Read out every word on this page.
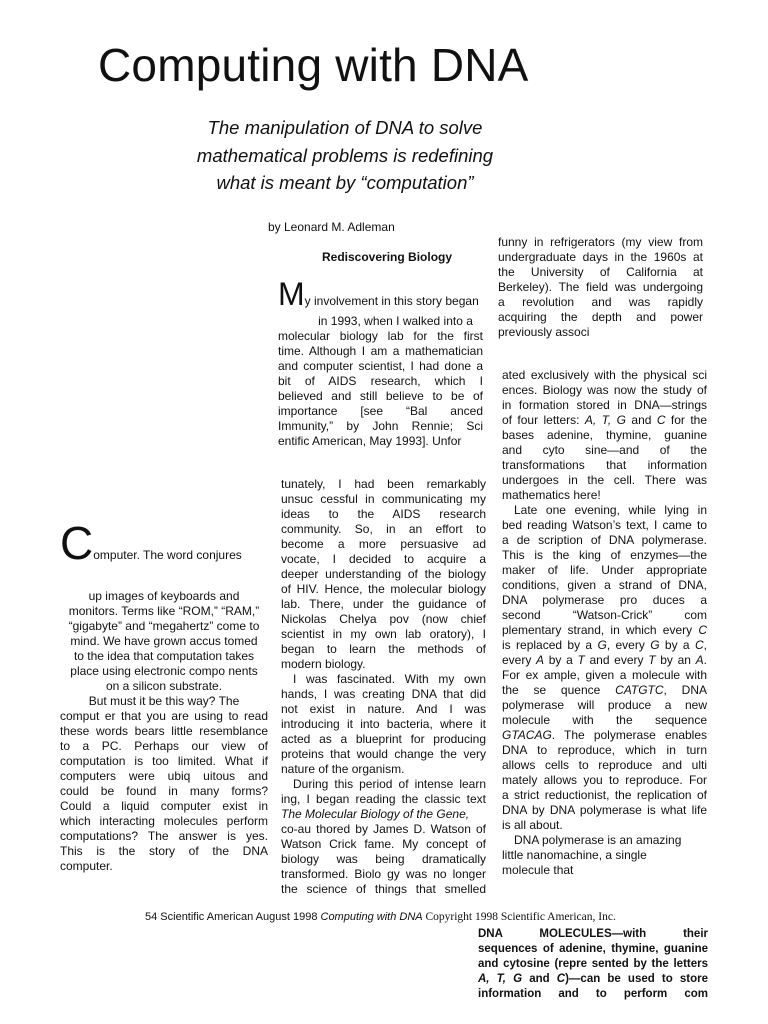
Computing with DNA
The manipulation of DNA to solve
mathematical problems is redefining
what is meant by “computation”
by Leonard M. Adleman
Rediscovering Biology
Computer. The word conjures

up images of keyboards and

monitors. Terms like “ROM,” “RAM,”

“gigabyte” and “megahertz” come to

mind. We have grown accus tomed

to the idea that computation takes

place using electronic compo nents

on a silicon substrate.

But must it be this way? The

comput er that you are using to read

these words bears little resemblance

to a PC. Perhaps our view of

computation is too limited. What if

computers were ubiq uitous and

could be found in many forms?

Could a liquid computer exist in

which interacting molecules perform

computations? The answer is yes.

This is the story of the DNA

computer.

My involvement in this story began

in 1993, when I walked into a

molecular biology lab for the first

time. Although I am a mathematician

and computer scientist, I had done a

bit of AIDS research, which I

believed and still believe to be of

importance [see “Bal anced

Immunity,” by John Rennie; Sci

entific American, May 1993]. Unfor

tunately, I had been remarkably

unsuc cessful in communicating my

ideas to the AIDS research

community. So, in an effort to

become a more persuasive ad

vocate, I decided to acquire a

deeper understanding of the biology

of HIV. Hence, the molecular biology

lab. There, under the guidance of

Nickolas Chelya pov (now chief

scientist in my own lab oratory), I

began to learn the methods of

modern biology.

I was fascinated. With my own

hands, I was creating DNA that did

not exist in nature. And I was

introducing it into bacteria, where it

acted as a blueprint for producing

proteins that would change the very

nature of the organism.

During this period of intense learn

ing, I began reading the classic text

The Molecular Biology of the Gene,

co-au thored by James D. Watson of

Watson Crick fame. My concept of

biology was being dramatically

transformed. Biolo gy was no longer

the science of things that smelled

funny in refrigerators (my view from

undergraduate days in the 1960s at

the University of California at

Berkeley). The field was undergoing

a revolution and was rapidly

acquiring the depth and power

previously associ

ated exclusively with the physical sci

ences. Biology was now the study of

in formation stored in DNA—strings

of four letters: A, T, G and C for the

bases adenine, thymine, guanine

and cyto sine—and of the

transformations that information

undergoes in the cell. There was

mathematics here!

Late one evening, while lying in

bed reading Watson’s text, I came to

a de scription of DNA polymerase.

This is the king of enzymes—the

maker of life. Under appropriate

conditions, given a strand of DNA,

DNA polymerase pro duces a

second “Watson-Crick” com

plementary strand, in which every C

is replaced by a G, every G by a C,

every A by a T and every T by an A.

For ex ample, given a molecule with

the se quence CATGTC, DNA

polymerase will produce a new

molecule with the sequence

GTACAG. The polymerase enables

DNA to reproduce, which in turn

allows cells to reproduce and ulti

mately allows you to reproduce. For

a strict reductionist, the replication of

DNA by DNA polymerase is what life

is all about.

DNA polymerase is an amazing

little nanomachine, a single

molecule that

54 Scientific American August 1998 Computing with DNA Copyright 1998 Scientific American, Inc.

DNA MOLECULES—with their

sequences of adenine, thymine, guanine

and cytosine (repre sented by the letters

A, T, G and C)—can be used to store

information and to perform com
